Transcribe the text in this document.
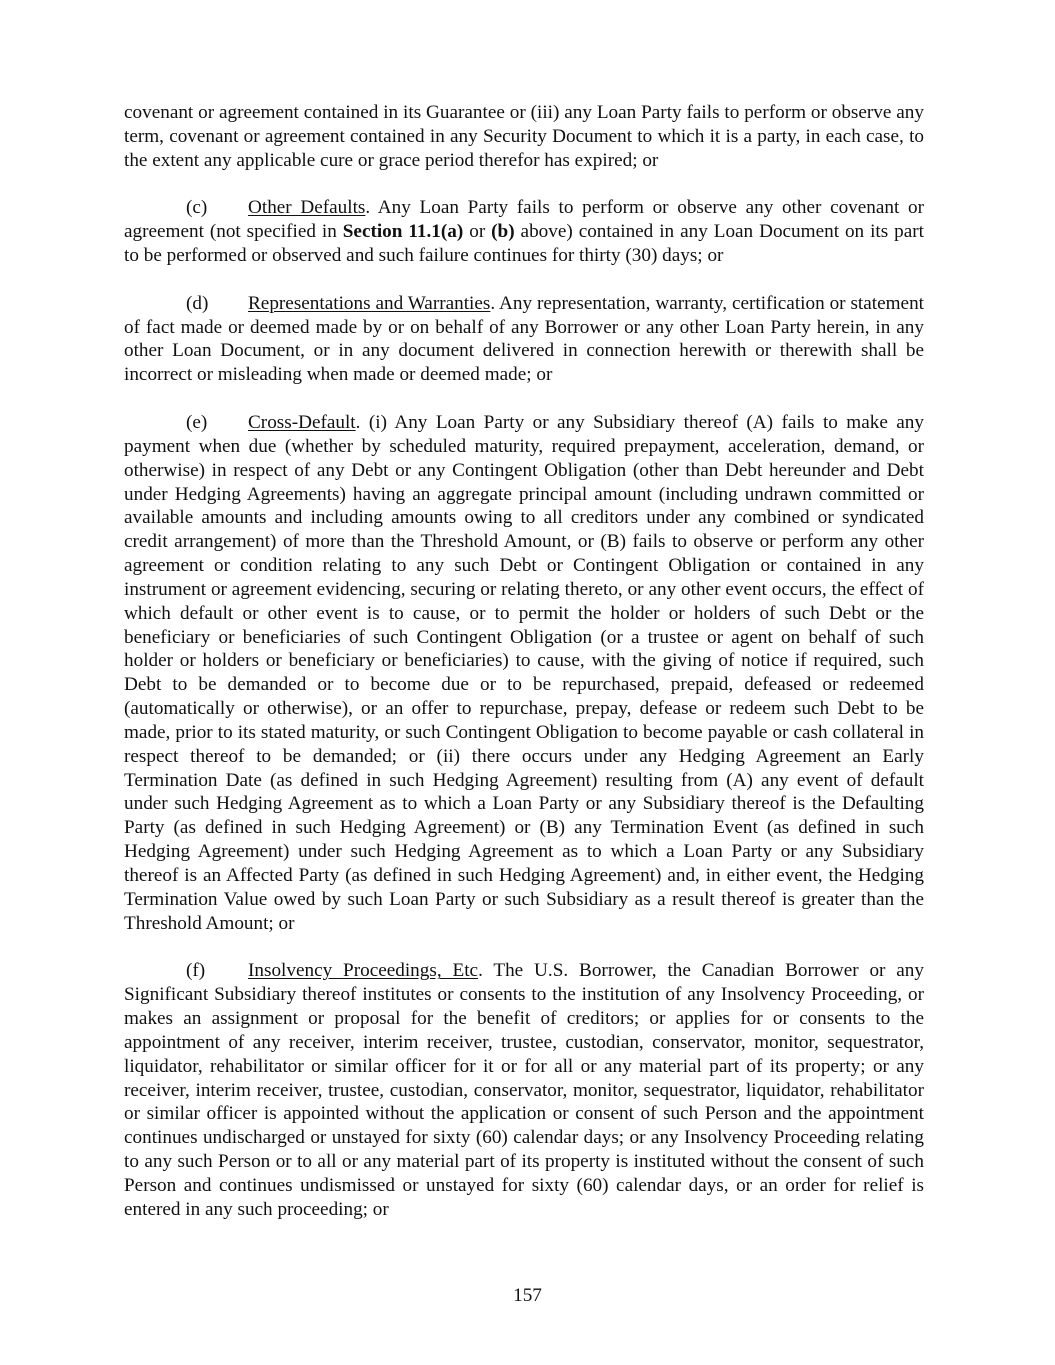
covenant or agreement contained in its Guarantee or (iii) any Loan Party fails to perform or observe any term, covenant or agreement contained in any Security Document to which it is a party, in each case, to the extent any applicable cure or grace period therefor has expired; or

(c) Other Defaults. Any Loan Party fails to perform or observe any other covenant or agreement (not specified in Section 11.1(a) or (b) above) contained in any Loan Document on its part to be performed or observed and such failure continues for thirty (30) days; or

(d) Representations and Warranties. Any representation, warranty, certification or statement of fact made or deemed made by or on behalf of any Borrower or any other Loan Party herein, in any other Loan Document, or in any document delivered in connection herewith or therewith shall be incorrect or misleading when made or deemed made; or

(e) Cross-Default. (i) Any Loan Party or any Subsidiary thereof (A) fails to make any payment when due (whether by scheduled maturity, required prepayment, acceleration, demand, or otherwise) in respect of any Debt or any Contingent Obligation (other than Debt hereunder and Debt under Hedging Agreements) having an aggregate principal amount (including undrawn committed or available amounts and including amounts owing to all creditors under any combined or syndicated credit arrangement) of more than the Threshold Amount, or (B) fails to observe or perform any other agreement or condition relating to any such Debt or Contingent Obligation or contained in any instrument or agreement evidencing, securing or relating thereto, or any other event occurs, the effect of which default or other event is to cause, or to permit the holder or holders of such Debt or the beneficiary or beneficiaries of such Contingent Obligation (or a trustee or agent on behalf of such holder or holders or beneficiary or beneficiaries) to cause, with the giving of notice if required, such Debt to be demanded or to become due or to be repurchased, prepaid, defeased or redeemed (automatically or otherwise), or an offer to repurchase, prepay, defease or redeem such Debt to be made, prior to its stated maturity, or such Contingent Obligation to become payable or cash collateral in respect thereof to be demanded; or (ii) there occurs under any Hedging Agreement an Early Termination Date (as defined in such Hedging Agreement) resulting from (A) any event of default under such Hedging Agreement as to which a Loan Party or any Subsidiary thereof is the Defaulting Party (as defined in such Hedging Agreement) or (B) any Termination Event (as defined in such Hedging Agreement) under such Hedging Agreement as to which a Loan Party or any Subsidiary thereof is an Affected Party (as defined in such Hedging Agreement) and, in either event, the Hedging Termination Value owed by such Loan Party or such Subsidiary as a result thereof is greater than the Threshold Amount; or

(f) Insolvency Proceedings, Etc. The U.S. Borrower, the Canadian Borrower or any Significant Subsidiary thereof institutes or consents to the institution of any Insolvency Proceeding, or makes an assignment or proposal for the benefit of creditors; or applies for or consents to the appointment of any receiver, interim receiver, trustee, custodian, conservator, monitor, sequestrator, liquidator, rehabilitator or similar officer for it or for all or any material part of its property; or any receiver, interim receiver, trustee, custodian, conservator, monitor, sequestrator, liquidator, rehabilitator or similar officer is appointed without the application or consent of such Person and the appointment continues undischarged or unstayed for sixty (60) calendar days; or any Insolvency Proceeding relating to any such Person or to all or any material part of its property is instituted without the consent of such Person and continues undismissed or unstayed for sixty (60) calendar days, or an order for relief is entered in any such proceeding; or

157
